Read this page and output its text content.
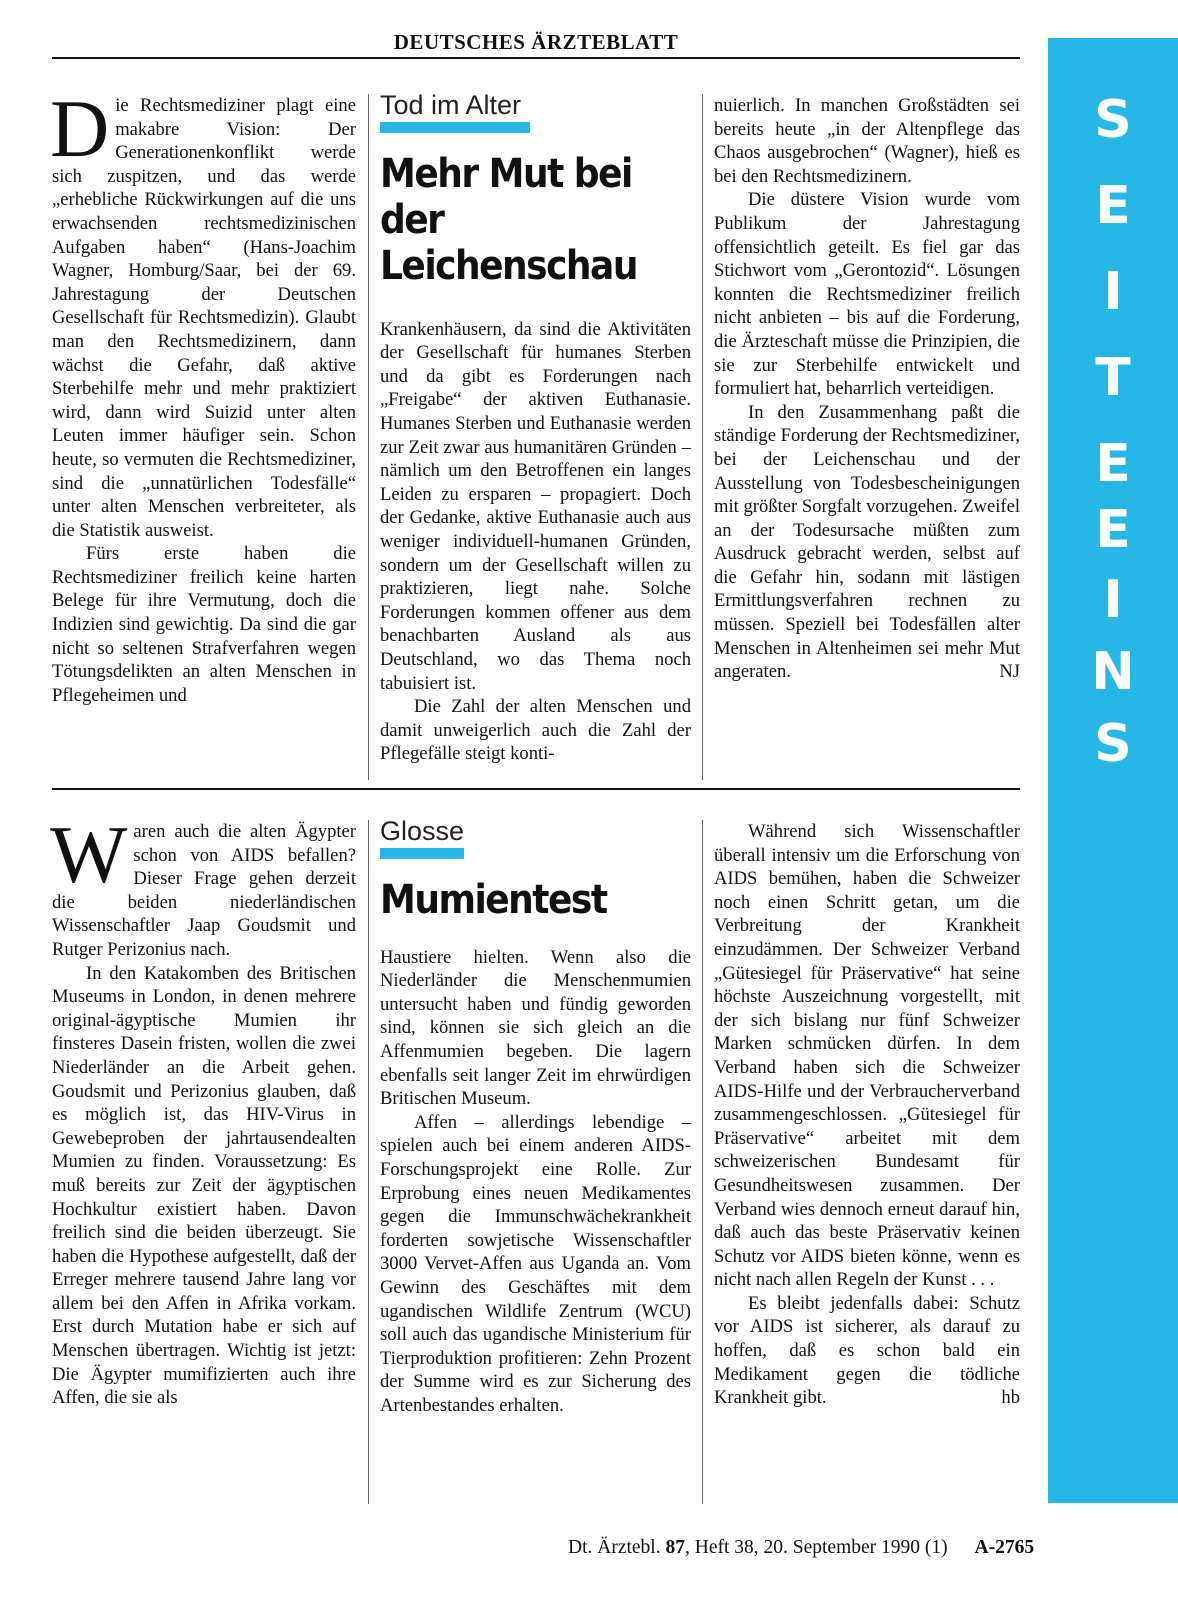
DEUTSCHES ÄRZTEBLATT
S
E
I
T
E
E
I
N
S

Die Rechtsmediziner plagt eine makabre Vision: Der Generationenkonflikt werde sich zuspitzen, und das werde „erhebliche Rückwirkungen auf die uns erwachsenden rechtsmedizinischen Aufgaben haben“ (Hans-Joachim Wagner, Homburg/Saar, bei der 69. Jahrestagung der Deutschen Gesellschaft für Rechtsmedizin). Glaubt man den Rechtsmedizinern, dann wächst die Gefahr, daß aktive Sterbehilfe mehr und mehr praktiziert wird, dann wird Suizid unter alten Leuten immer häufiger sein. Schon heute, so vermuten die Rechtsmediziner, sind die „unnatürlichen Todesfälle“ unter alten Menschen verbreiteter, als die Statistik ausweist.

Fürs erste haben die Rechtsmediziner freilich keine harten Belege für ihre Vermutung, doch die Indizien sind gewichtig. Da sind die gar nicht so seltenen Strafverfahren wegen Tötungsdelikten an alten Menschen in Pflegeheimen und

Tod im Alter
Mehr Mut bei
der Leichenschau

Krankenhäusern, da sind die Aktivitäten der Gesellschaft für humanes Sterben und da gibt es Forderungen nach „Freigabe“ der aktiven Euthanasie. Humanes Sterben und Euthanasie werden zur Zeit zwar aus humanitären Gründen – nämlich um den Betroffenen ein langes Leiden zu ersparen – propagiert. Doch der Gedanke, aktive Euthanasie auch aus weniger individuell-humanen Gründen, sondern um der Gesellschaft willen zu praktizieren, liegt nahe. Solche Forderungen kommen offener aus dem benachbarten Ausland als aus Deutschland, wo das Thema noch tabuisiert ist.

Die Zahl der alten Menschen und damit unweigerlich auch die Zahl der Pflegefälle steigt konti-

nuierlich. In manchen Großstädten sei bereits heute „in der Altenpflege das Chaos ausgebrochen“ (Wagner), hieß es bei den Rechtsmedizinern.

Die düstere Vision wurde vom Publikum der Jahrestagung offensichtlich geteilt. Es fiel gar das Stichwort vom „Gerontozid“. Lösungen konnten die Rechtsmediziner freilich nicht anbieten – bis auf die Forderung, die Ärzteschaft müsse die Prinzipien, die sie zur Sterbehilfe entwickelt und formuliert hat, beharrlich verteidigen.

In den Zusammenhang paßt die ständige Forderung der Rechtsmediziner, bei der Leichenschau und der Ausstellung von Todesbescheinigungen mit größter Sorgfalt vorzugehen. Zweifel an der Todesursache müßten zum Ausdruck gebracht werden, selbst auf die Gefahr hin, sodann mit lästigen Ermittlungsverfahren rechnen zu müssen. Speziell bei Todesfällen alter Menschen in Altenheimen sei mehr Mut angeraten.	NJ

Waren auch die alten Ägypter schon von AIDS befallen? Dieser Frage gehen derzeit die beiden niederländischen Wissenschaftler Jaap Goudsmit und Rutger Perizonius nach.

In den Katakomben des Britischen Museums in London, in denen mehrere original-ägyptische Mumien ihr finsteres Dasein fristen, wollen die zwei Niederländer an die Arbeit gehen. Goudsmit und Perizonius glauben, daß es möglich ist, das HIV-Virus in Gewebeproben der jahrtausendealten Mumien zu finden. Voraussetzung: Es muß bereits zur Zeit der ägyptischen Hochkultur existiert haben. Davon freilich sind die beiden überzeugt. Sie haben die Hypothese aufgestellt, daß der Erreger mehrere tausend Jahre lang vor allem bei den Affen in Afrika vorkam. Erst durch Mutation habe er sich auf Menschen übertragen. Wichtig ist jetzt: Die Ägypter mumifizierten auch ihre Affen, die sie als

Glosse
Mumientest

Haustiere hielten. Wenn also die Niederländer die Menschenmumien untersucht haben und fündig geworden sind, können sie sich gleich an die Affenmumien begeben. Die lagern ebenfalls seit langer Zeit im ehrwürdigen Britischen Museum.

Affen – allerdings lebendige – spielen auch bei einem anderen AIDS-Forschungsprojekt eine Rolle. Zur Erprobung eines neuen Medikamentes gegen die Immunschwächekrankheit forderten sowjetische Wissenschaftler 3000 Vervet-Affen aus Uganda an. Vom Gewinn des Geschäftes mit dem ugandischen Wildlife Zentrum (WCU) soll auch das ugandische Ministerium für Tierproduktion profitieren: Zehn Prozent der Summe wird es zur Sicherung des Artenbestandes erhalten.

Während sich Wissenschaftler überall intensiv um die Erforschung von AIDS bemühen, haben die Schweizer noch einen Schritt getan, um die Verbreitung der Krankheit einzudämmen. Der Schweizer Verband „Gütesiegel für Präservative“ hat seine höchste Auszeichnung vorgestellt, mit der sich bislang nur fünf Schweizer Marken schmücken dürfen. In dem Verband haben sich die Schweizer AIDS-Hilfe und der Verbraucherverband zusammengeschlossen. „Gütesiegel für Präservative“ arbeitet mit dem schweizerischen Bundesamt für Gesundheitswesen zusammen. Der Verband wies dennoch erneut darauf hin, daß auch das beste Präservativ keinen Schutz vor AIDS bieten könne, wenn es nicht nach allen Regeln der Kunst . . .

Es bleibt jedenfalls dabei: Schutz vor AIDS ist sicherer, als darauf zu hoffen, daß es schon bald ein Medikament gegen die tödliche Krankheit gibt.	hb

Dt. Ärztebl. 87, Heft 38, 20. September 1990 (1) A-2765
